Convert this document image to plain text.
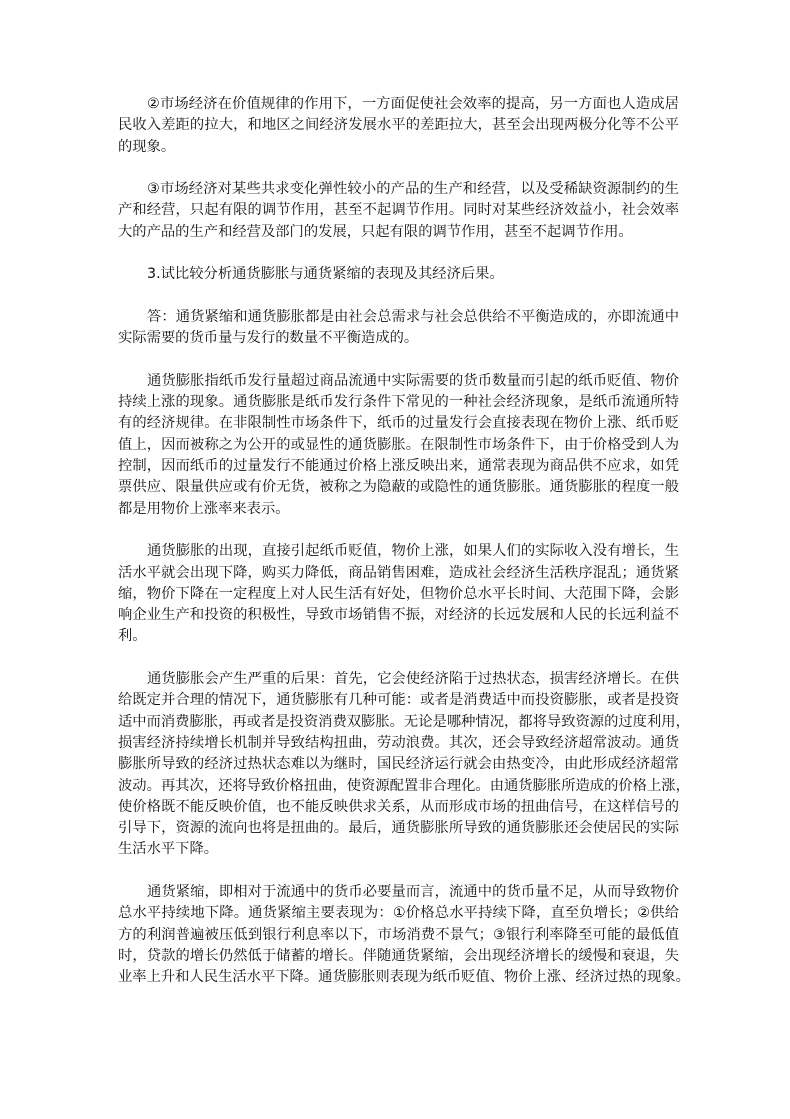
②市场经济在价值规律的作用下，一方面促使社会效率的提高，另一方面也人造成居
民收入差距的拉大，和地区之间经济发展水平的差距拉大，甚至会出现两极分化等不公平
的现象。
③市场经济对某些共求变化弹性较小的产品的生产和经营，以及受稀缺资源制约的生
产和经营，只起有限的调节作用，甚至不起调节作用。同时对某些经济效益小，社会效率
大的产品的生产和经营及部门的发展，只起有限的调节作用，甚至不起调节作用。
3.试比较分析通货膨胀与通货紧缩的表现及其经济后果。
答：通货紧缩和通货膨胀都是由社会总需求与社会总供给不平衡造成的，亦即流通中
实际需要的货币量与发行的数量不平衡造成的。
通货膨胀指纸币发行量超过商品流通中实际需要的货币数量而引起的纸币贬值、物价
持续上涨的现象。通货膨胀是纸币发行条件下常见的一种社会经济现象，是纸币流通所特
有的经济规律。在非限制性市场条件下，纸币的过量发行会直接表现在物价上涨、纸币贬
值上，因而被称之为公开的或显性的通货膨胀。在限制性市场条件下，由于价格受到人为
控制，因而纸币的过量发行不能通过价格上涨反映出来，通常表现为商品供不应求，如凭
票供应、限量供应或有价无货，被称之为隐蔽的或隐性的通货膨胀。通货膨胀的程度一般
都是用物价上涨率来表示。
通货膨胀的出现，直接引起纸币贬值，物价上涨，如果人们的实际收入没有增长，生
活水平就会出现下降，购买力降低，商品销售困难，造成社会经济生活秩序混乱；通货紧
缩，物价下降在一定程度上对人民生活有好处，但物价总水平长时间、大范围下降，会影
响企业生产和投资的积极性，导致市场销售不振，对经济的长远发展和人民的长远利益不
利。
通货膨胀会产生严重的后果：首先，它会使经济陷于过热状态，损害经济增长。在供
给既定并合理的情况下，通货膨胀有几种可能：或者是消费适中而投资膨胀，或者是投资
适中而消费膨胀，再或者是投资消费双膨胀。无论是哪种情况，都将导致资源的过度利用，
损害经济持续增长机制并导致结构扭曲，劳动浪费。其次，还会导致经济超常波动。通货
膨胀所导致的经济过热状态难以为继时，国民经济运行就会由热变冷，由此形成经济超常
波动。再其次，还将导致价格扭曲，使资源配置非合理化。由通货膨胀所造成的价格上涨，
使价格既不能反映价值，也不能反映供求关系，从而形成市场的扭曲信号，在这样信号的
引导下，资源的流向也将是扭曲的。最后，通货膨胀所导致的通货膨胀还会使居民的实际
生活水平下降。
通货紧缩，即相对于流通中的货币必要量而言，流通中的货币量不足，从而导致物价
总水平持续地下降。通货紧缩主要表现为：①价格总水平持续下降，直至负增长；②供给
方的利润普遍被压低到银行利息率以下，市场消费不景气；③银行利率降至可能的最低值
时，贷款的增长仍然低于储蓄的增长。伴随通货紧缩，会出现经济增长的缓慢和衰退，失
业率上升和人民生活水平下降。通货膨胀则表现为纸币贬值、物价上涨、经济过热的现象。
